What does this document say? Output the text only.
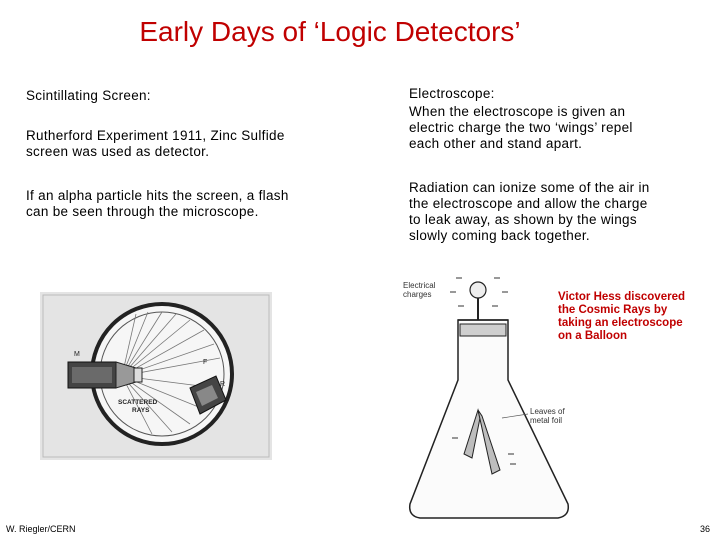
Early Days of ‘Logic Detectors’
Scintillating Screen:
Rutherford Experiment 1911, Zinc Sulfide
screen was used as detector.
If an alpha particle hits the screen, a flash
can be seen through the microscope.
Electroscope:
When the electroscope is given an
electric charge the two ‘wings’ repel
each other and stand apart.
Radiation can ionize some of the air in
the electroscope and allow the charge
to leak away, as shown by the wings
slowly coming back together.
Victor Hess discovered
the Cosmic Rays by
taking an electroscope
on a Balloon
M
F
R
SCATTERED
RAYS
Electrical
charges
Leaves of
metal foil
W. Riegler/CERN	36
